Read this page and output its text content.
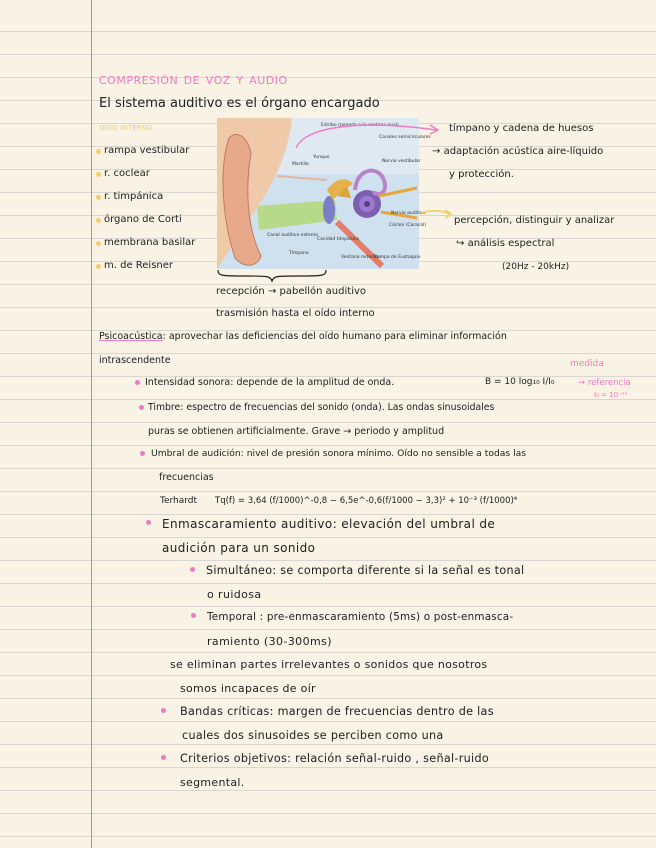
compresión de voz y audio
El sistema auditivo es el órgano encargado
oído interno
rampa vestibular
r. coclear
r. timpánica
órgano de Corti
membrana basilar
m. de Reisner
Estribo (pegado a la ventana oval)
Canales semicirculares
Yunque
Martillo
Nervio vestibular
Nervio auditivo
Cóclea (Caracol)
Canal auditivo externo
Tímpano
Cavidad timpánica
Ventana redonda
Trompa de Eustaquio
tímpano y cadena de huesos
→ adaptación acústica aire-líquido
y protección.
percepción, distinguir y analizar
↪ análisis espectral
(20Hz - 20kHz)
recepción → pabellón auditivo
trasmisión hasta el oído interno
Psicoacústica: aprovechar las deficiencias del oído humano para eliminar información
intrascendente
Intensidad sonora: depende de la amplitud de onda.	B = 10 log₁₀ I/I₀
medida
→ referencia
I₀ = 10⁻¹²
Timbre: espectro de frecuencias del sonido (onda). Las ondas sinusoidales
puras se obtienen artificialmente. Grave → periodo y amplitud
Umbral de audición: nivel de presión sonora mínimo. Oído no sensible a todas las
frecuencias
Terhardt Tq(f) = 3,64 (f/1000)^-0,8 − 6,5e^-0,6(f/1000 − 3,3)² + 10⁻³ (f/1000)⁴
Enmascaramiento auditivo: elevación del umbral de
audición para un sonido
Simultáneo: se comporta diferente si la señal es tonal
o ruidosa
Temporal : pre-enmascaramiento (5ms) o post-enmasca-
ramiento (30-300ms)
se eliminan partes irrelevantes o sonidos que nosotros
somos incapaces de oír
Bandas críticas: margen de frecuencias dentro de las
cuales dos sinusoides se perciben como una
Criterios objetivos: relación señal-ruido , señal-ruido
segmental.
